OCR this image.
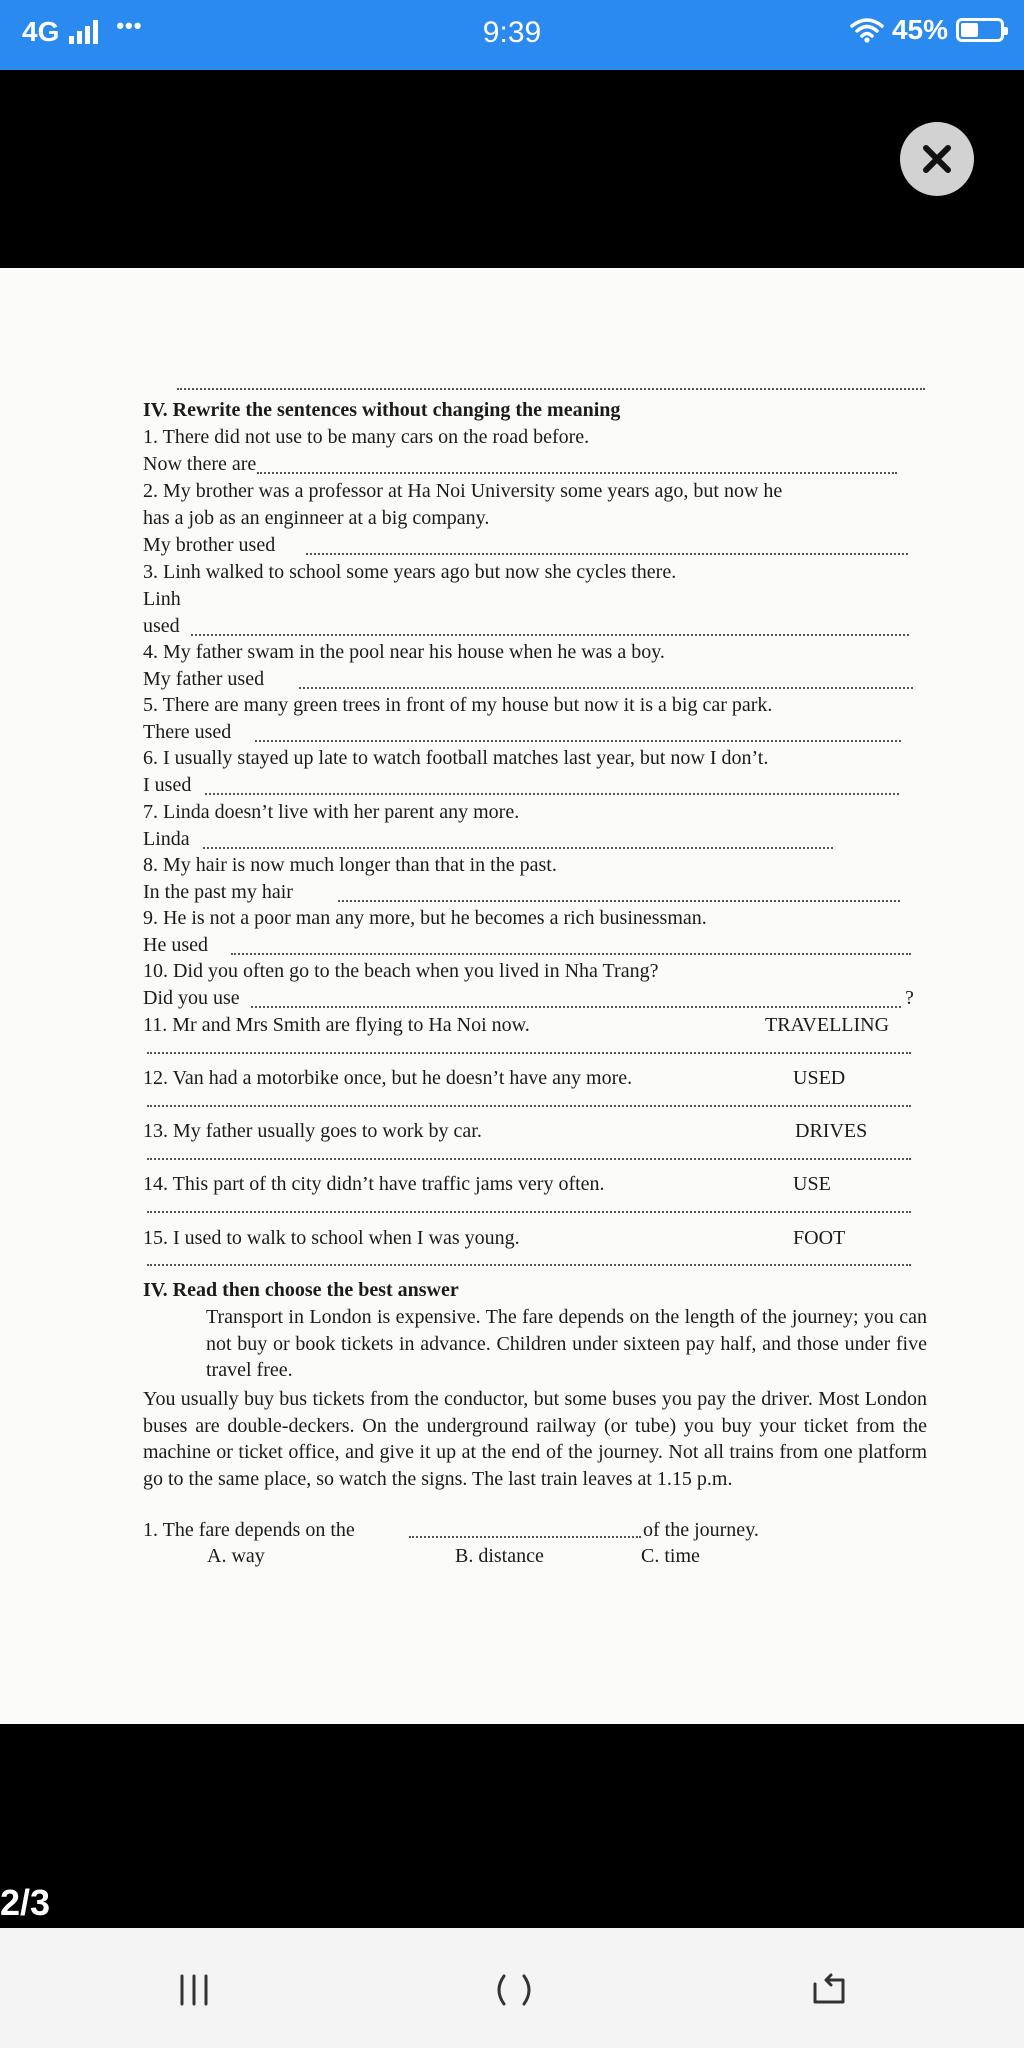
4G	•••	9:39	45%
IV. Rewrite the sentences without changing the meaning
1. There did not use to be many cars on the road before.
Now there are
2. My brother was a professor at Ha Noi University some years ago, but now he
has a job as an enginneer at a big company.
My brother used
3. Linh walked to school some years ago but now she cycles there.
Linh
used
4. My father swam in the pool near his house when he was a boy.
My father used
5. There are many green trees in front of my house but now it is a big car park.
There used
6. I usually stayed up late to watch football matches last year, but now I don’t.
I used
7. Linda doesn’t live with her parent any more.
Linda
8. My hair is now much longer than that in the past.
In the past my hair
9. He is not a poor man any more, but he becomes a rich businessman.
He used
10. Did you often go to the beach when you lived in Nha Trang?
Did you use	?
11. Mr and Mrs Smith are flying to Ha Noi now.	TRAVELLING
12. Van had a motorbike once, but he doesn’t have any more.	USED
13. My father usually goes to work by car.	DRIVES
14. This part of th city didn’t have traffic jams very often.	USE
15. I used to walk to school when I was young.	FOOT
IV. Read then choose the best answer
Transport in London is expensive. The fare depends on the length of the journey; you can not buy or book tickets in advance. Children under sixteen pay half, and those under five travel free.
You usually buy bus tickets from the conductor, but some buses you pay the driver. Most London buses are double-deckers. On the underground railway (or tube) you buy your ticket from the machine or ticket office, and give it up at the end of the journey. Not all trains from one platform go to the same place, so watch the signs. The last train leaves at 1.15 p.m.
1. The fare depends on the	of the journey.
A. way	B. distance	C. time
2/3
